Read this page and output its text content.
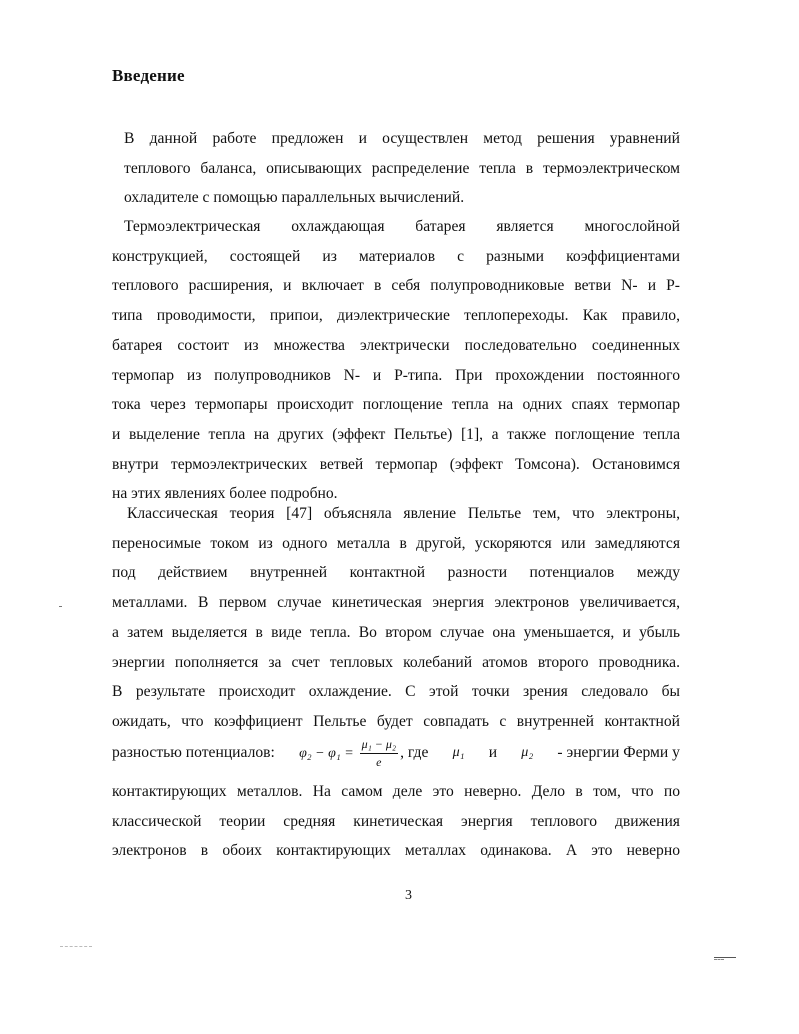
Введение
В данной работе предложен и осуществлен метод решения уравнений
теплового баланса, описывающих распределение тепла в термоэлектрическом
охладителе с помощью параллельных вычислений.
Термоэлектрическая охлаждающая батарея является многослойной
конструкцией, состоящей из материалов с разными коэффициентами
теплового расширения, и включает в себя полупроводниковые ветви N- и P-
типа проводимости, припои, диэлектрические теплопереходы. Как правило,
батарея состоит из множества электрически последовательно соединенных
термопар из полупроводников N- и P-типа. При прохождении постоянного
тока через термопары происходит поглощение тепла на одних спаях термопар
и выделение тепла на других (эффект Пельтье) [1], а также поглощение тепла
внутри термоэлектрических ветвей термопар (эффект Томсона). Остановимся
на этих явлениях более подробно.
Классическая теория [47] объясняла явление Пельтье тем, что электроны,
переносимые током из одного металла в другой, ускоряются или замедляются
под действием внутренней контактной разности потенциалов между
металлами. В первом случае кинетическая энергия электронов увеличивается,
а затем выделяется в виде тепла. Во втором случае она уменьшается, и убыль
энергии пополняется за счет тепловых колебаний атомов второго проводника.
В результате происходит охлаждение. С этой точки зрения следовало бы
ожидать, что коэффициент Пельтье будет совпадать с внутренней контактной
разностью потенциалов: $\varphi_2 - \varphi_1 = \frac{\text{μ₁ − μ₂}}{e}$ , где μ₁ и μ₂ - энергии Ферми у
контактирующих металлов. На самом деле это неверно. Дело в том, что по
классической теории средняя кинетическая энергия теплового движения
электронов в обоих контактирующих металлах одинакова. А это неверно
3
